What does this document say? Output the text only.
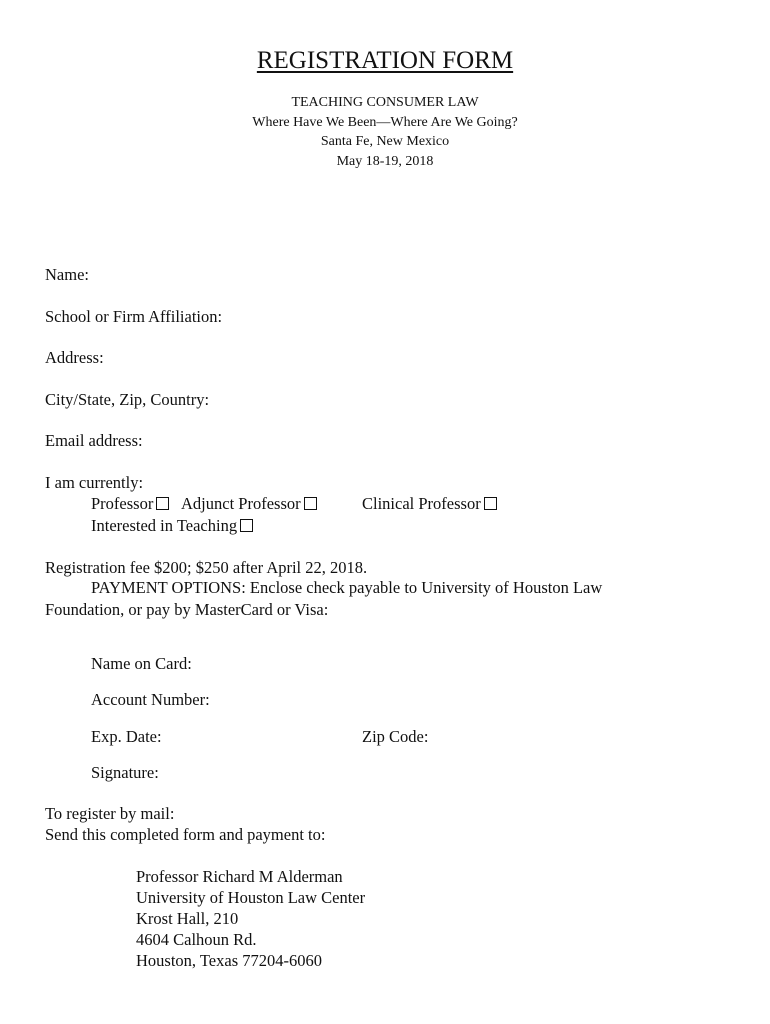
REGISTRATION FORM
TEACHING CONSUMER LAW
Where Have We Been—Where Are We Going?
Santa Fe, New Mexico
May 18-19, 2018
Name:
School or Firm Affiliation:
Address:
City/State, Zip, Country:
Email address:
I am currently:
Professor	Adjunct Professor	Clinical Professor
Interested in Teaching
Registration fee $200; $250 after April 22, 2018.
PAYMENT OPTIONS: Enclose check payable to University of Houston Law
Foundation, or pay by MasterCard or Visa:
Name on Card:
Account Number:
Exp. Date:	Zip Code:
Signature:
To register by mail:
Send this completed form and payment to:
Professor Richard M Alderman
University of Houston Law Center
Krost Hall, 210
4604 Calhoun Rd.
Houston, Texas 77204-6060
